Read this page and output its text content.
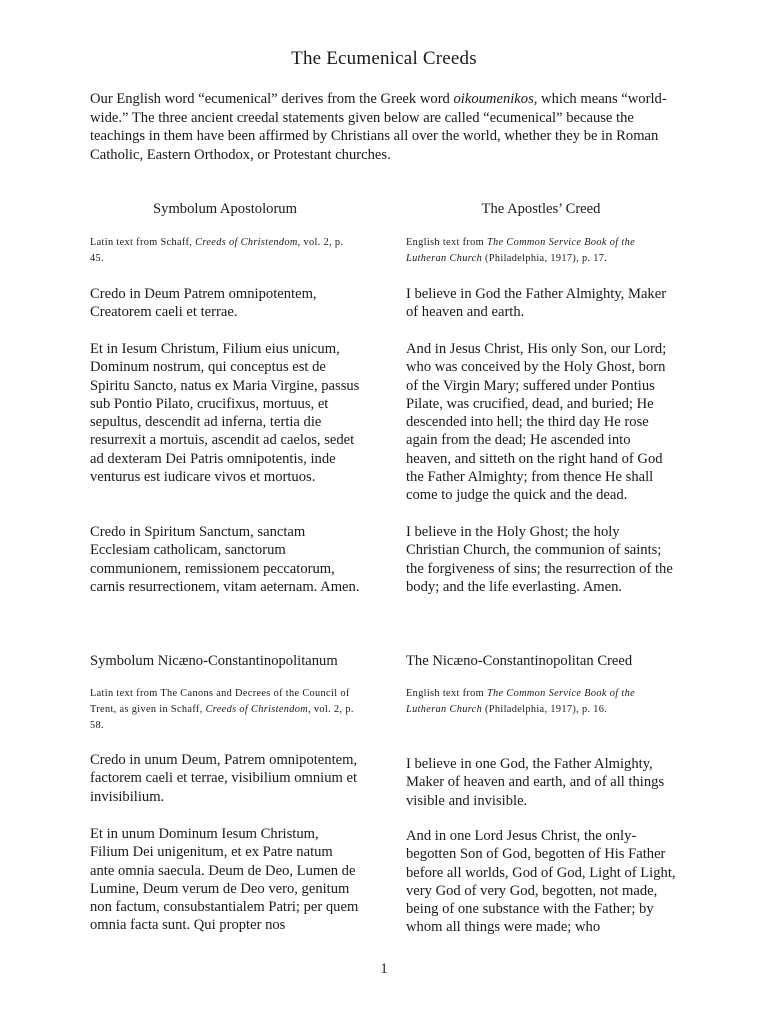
The Ecumenical Creeds
Our English word “ecumenical” derives from the Greek word oikoumenikos, which means “world-wide.” The three ancient creedal statements given below are called “ecumenical” because the teachings in them have been affirmed by Christians all over the world, whether they be in Roman Catholic, Eastern Orthodox, or Protestant churches.
Symbolum Apostolorum
Latin text from Schaff, Creeds of Christendom, vol. 2, p. 45.
Credo in Deum Patrem omnipotentem, Creatorem caeli et terrae.
Et in Iesum Christum, Filium eius unicum, Dominum nostrum, qui conceptus est de Spiritu Sancto, natus ex Maria Virgine, passus sub Pontio Pilato, crucifixus, mortuus, et sepultus, descendit ad inferna, tertia die resurrexit a mortuis, ascendit ad caelos, sedet ad dexteram Dei Patris omnipotentis, inde venturus est iudicare vivos et mortuos.
Credo in Spiritum Sanctum, sanctam Ecclesiam catholicam, sanctorum communionem, remissionem peccatorum, carnis resurrectionem, vitam aeternam. Amen.
The Apostles’ Creed
English text from The Common Service Book of the Lutheran Church (Philadelphia, 1917), p. 17.
I believe in God the Father Almighty, Maker of heaven and earth.
And in Jesus Christ, His only Son, our Lord; who was conceived by the Holy Ghost, born of the Virgin Mary; suffered under Pontius Pilate, was crucified, dead, and buried; He descended into hell; the third day He rose again from the dead; He ascended into heaven, and sitteth on the right hand of God the Father Almighty; from thence He shall come to judge the quick and the dead.
I believe in the Holy Ghost; the holy Christian Church, the communion of saints; the forgiveness of sins; the resurrection of the body; and the life everlasting. Amen.
Symbolum Nicæno-Constantinopolitanum
Latin text from The Canons and Decrees of the Council of Trent, as given in Schaff, Creeds of Christendom, vol. 2, p. 58.
Credo in unum Deum, Patrem omnipotentem, factorem caeli et terrae, visibilium omnium et invisibilium.
Et in unum Dominum Iesum Christum, Filium Dei unigenitum, et ex Patre natum ante omnia saecula. Deum de Deo, Lumen de Lumine, Deum verum de Deo vero, genitum non factum, consubstantialem Patri; per quem omnia facta sunt. Qui propter nos
The Nicæno-Constantinopolitan Creed
English text from The Common Service Book of the Lutheran Church (Philadelphia, 1917), p. 16.
I believe in one God, the Father Almighty, Maker of heaven and earth, and of all things visible and invisible.
And in one Lord Jesus Christ, the only-begotten Son of God, begotten of His Father before all worlds, God of God, Light of Light, very God of very God, begotten, not made, being of one substance with the Father; by whom all things were made; who
1
